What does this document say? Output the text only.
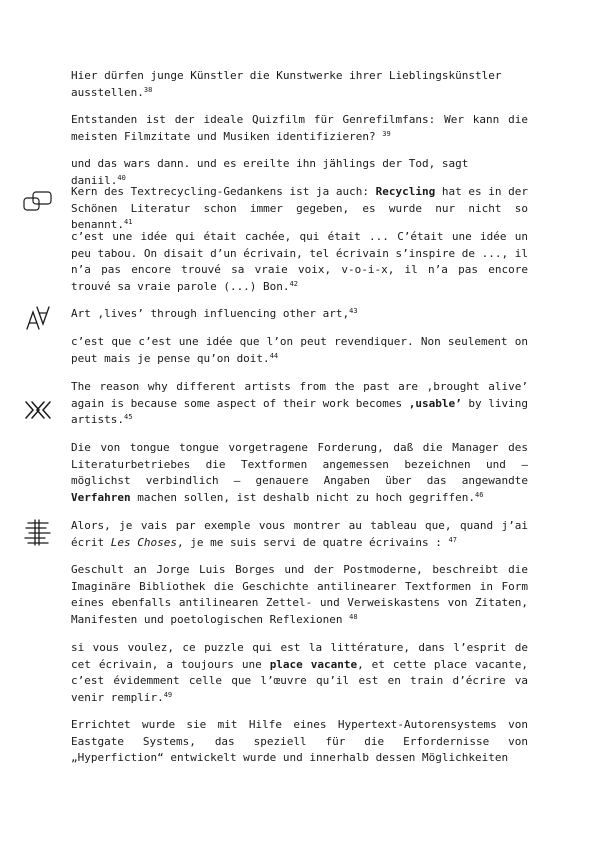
Hier dürfen junge Künstler die Kunstwerke ihrer Lieblingskünstler ausstellen.$^{38}$

Entstanden ist der ideale Quizfilm für Genrefilmfans: Wer kann die meisten Filmzitate und Musiken identifizieren? $^{39}$

und das wars dann. und es ereilte ihn jählings der Tod, sagt daniil.$^{40}$

Kern des Textrecycling-Gedankens ist ja auch: Recycling hat es in der Schönen Literatur schon immer gegeben, es wurde nur nicht so benannt.$^{41}$

c’est une idée qui était cachée, qui était ... C’était une idée un peu tabou. On disait d’un écrivain, tel écrivain s’inspire de ..., il n’a pas encore trouvé sa vraie voix, v-o-i-x, il n’a pas encore trouvé sa vraie parole (...) Bon.$^{42}$

Art ‚lives’ through influencing other art,$^{43}$

c’est que c’est une idée que l’on peut revendiquer. Non seulement on peut mais je pense qu’on doit.$^{44}$

The reason why different artists from the past are ‚brought alive’ again is because some aspect of their work becomes ‚usable’ by living artists.$^{45}$

Die von tongue tongue vorgetragene Forderung, daß die Manager des Literaturbetriebes die Textformen angemessen bezeichnen und – möglichst verbindlich – genauere Angaben über das angewandte Verfahren machen sollen, ist deshalb nicht zu hoch gegriffen.$^{46}$

Alors, je vais par exemple vous montrer au tableau que, quand j’ai écrit Les Choses, je me suis servi de quatre écrivains : $^{47}$

Geschult an Jorge Luis Borges und der Postmoderne, beschreibt die Imaginäre Bibliothek die Geschichte antilinearer Textformen in Form eines ebenfalls antilinearen Zettel- und Verweiskastens von Zitaten, Manifesten und poetologischen Reflexionen $^{48}$

si vous voulez, ce puzzle qui est la littérature, dans l’esprit de cet écrivain, a toujours une place vacante, et cette place vacante, c’est évidemment celle que l’œuvre qu’il est en train d’écrire va venir remplir.$^{49}$

Errichtet wurde sie mit Hilfe eines Hypertext-Autorensystems von Eastgate Systems, das speziell für die Erfordernisse von „Hyperfiction“ entwickelt wurde und innerhalb dessen Möglichkeiten
